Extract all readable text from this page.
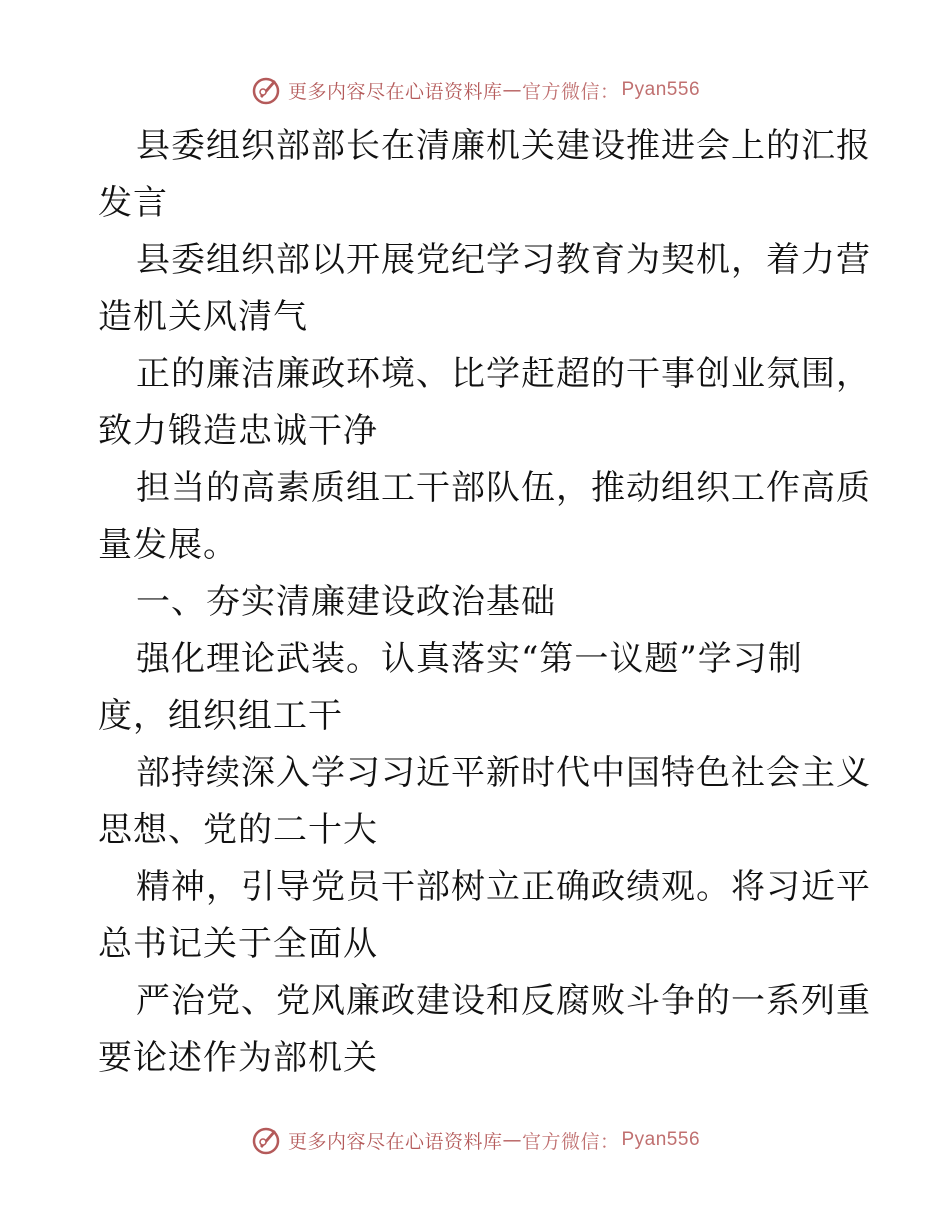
更多内容尽在心语资料库 — 官方微信： Pyan556
县委组织部部长在清廉机关建设推进会上的汇报
发言
县委组织部以开展党纪学习教育为契机，着力营
造机关风清气
正的廉洁廉政环境、比学赶超的干事创业氛围，
致力锻造忠诚干净
担当的高素质组工干部队伍，推动组织工作高质
量发展。
一、夯实清廉建设政治基础
强化理论武装。认真落实“第一议题”学习制
度，组织组工干
部持续深入学习习近平新时代中国特色社会主义
思想、党的二十大
精神，引导党员干部树立正确政绩观。将习近平
总书记关于全面从
严治党、党风廉政建设和反腐败斗争的一系列重
要论述作为部机关
更多内容尽在心语资料库 — 官方微信： Pyan556
